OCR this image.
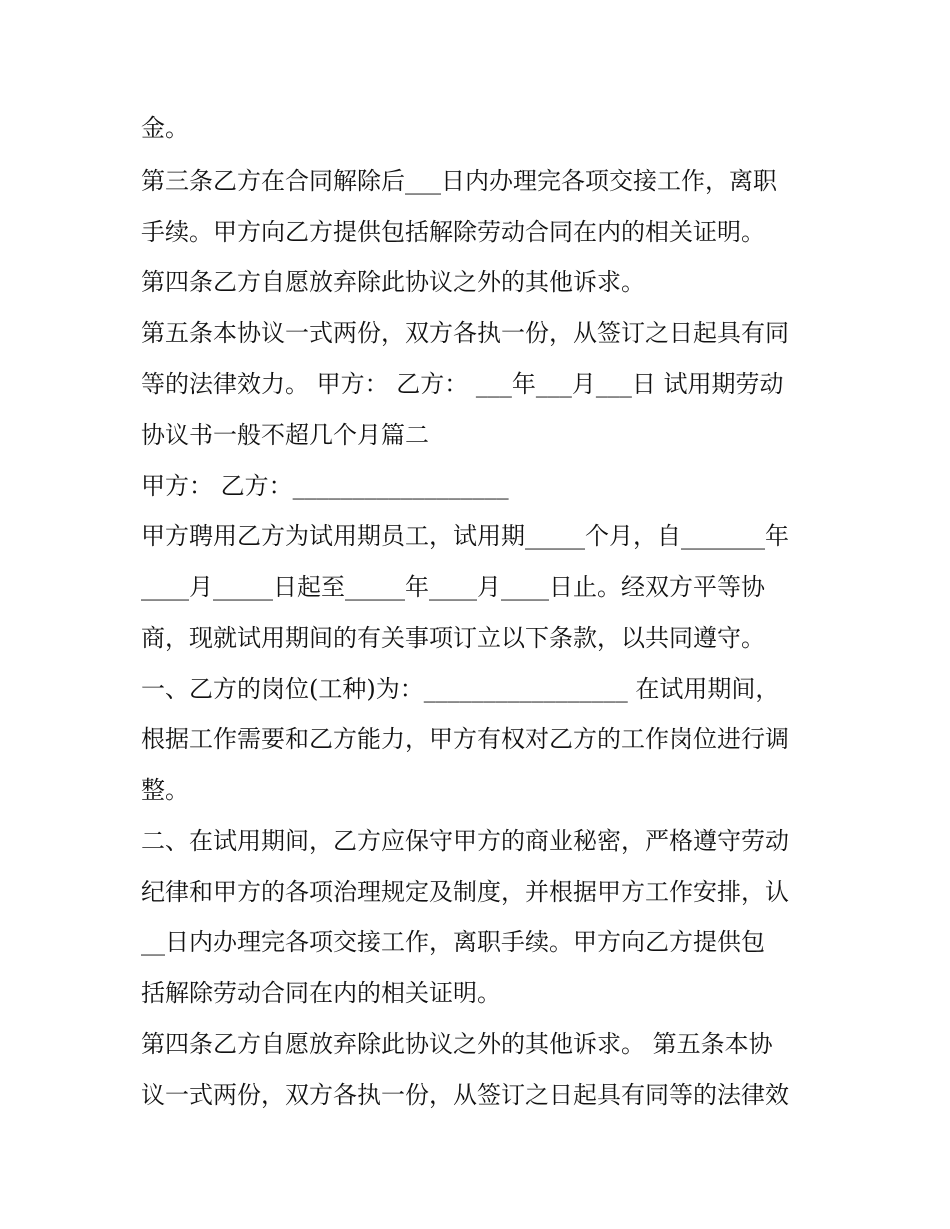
金。
第三条乙方在合同解除后___日内办理完各项交接工作，离职
手续。甲方向乙方提供包括解除劳动合同在内的相关证明。
第四条乙方自愿放弃除此协议之外的其他诉求。
第五条本协议一式两份，双方各执一份，从签订之日起具有同
等的法律效力。 甲方： 乙方： ___年___月___日 试用期劳动
协议书一般不超几个月篇二
甲方： 乙方：__________________
甲方聘用乙方为试用期员工，试用期_____个月，自_______年
____月_____日起至_____年____月____日止。经双方平等协
商，现就试用期间的有关事项订立以下条款，以共同遵守。
一、乙方的岗位(工种)为：_________________ 在试用期间，
根据工作需要和乙方能力，甲方有权对乙方的工作岗位进行调
整。
二、在试用期间，乙方应保守甲方的商业秘密，严格遵守劳动
纪律和甲方的各项治理规定及制度，并根据甲方工作安排，认
__日内办理完各项交接工作，离职手续。甲方向乙方提供包
括解除劳动合同在内的相关证明。
第四条乙方自愿放弃除此协议之外的其他诉求。 第五条本协
议一式两份，双方各执一份，从签订之日起具有同等的法律效
